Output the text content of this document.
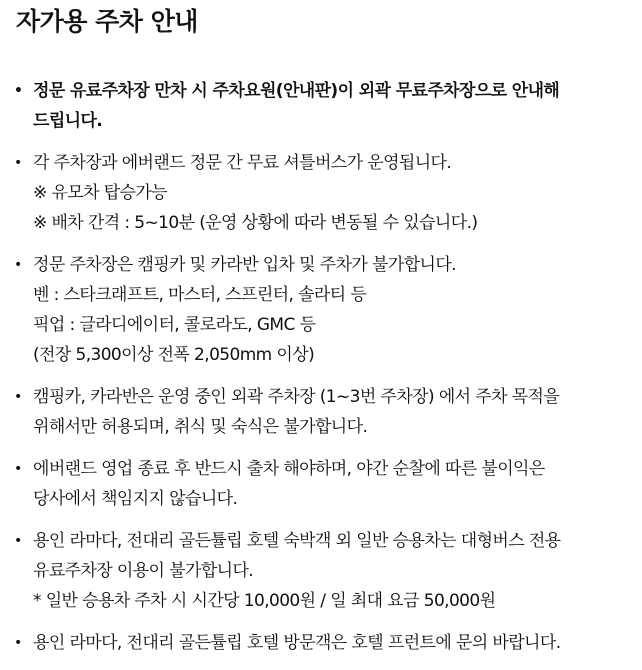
자가용 주차 안내
• 정문 유료주차장 만차 시 주차요원(안내판)이 외곽 무료주차장으로 안내해
드립니다.
• 각 주차장과 에버랜드 정문 간 무료 셔틀버스가 운영됩니다.
※ 유모차 탑승가능
※ 배차 간격 : 5~10분 (운영 상황에 따라 변동될 수 있습니다.)
• 정문 주차장은 캠핑카 및 카라반 입차 및 주차가 불가합니다.
벤 : 스타크래프트, 마스터, 스프린터, 솔라티 등
픽업 : 글라디에이터, 콜로라도, GMC 등
(전장 5,300이상 전폭 2,050mm 이상)
• 캠핑카, 카라반은 운영 중인 외곽 주차장 (1~3번 주차장) 에서 주차 목적을
위해서만 허용되며, 취식 및 숙식은 불가합니다.
• 에버랜드 영업 종료 후 반드시 출차 해야하며, 야간 순찰에 따른 불이익은
당사에서 책임지지 않습니다.
• 용인 라마다, 전대리 골든튤립 호텔 숙박객 외 일반 승용차는 대형버스 전용
유료주차장 이용이 불가합니다.
* 일반 승용차 주차 시 시간당 10,000원 / 일 최대 요금 50,000원
• 용인 라마다, 전대리 골든튤립 호텔 방문객은 호텔 프런트에 문의 바랍니다.
